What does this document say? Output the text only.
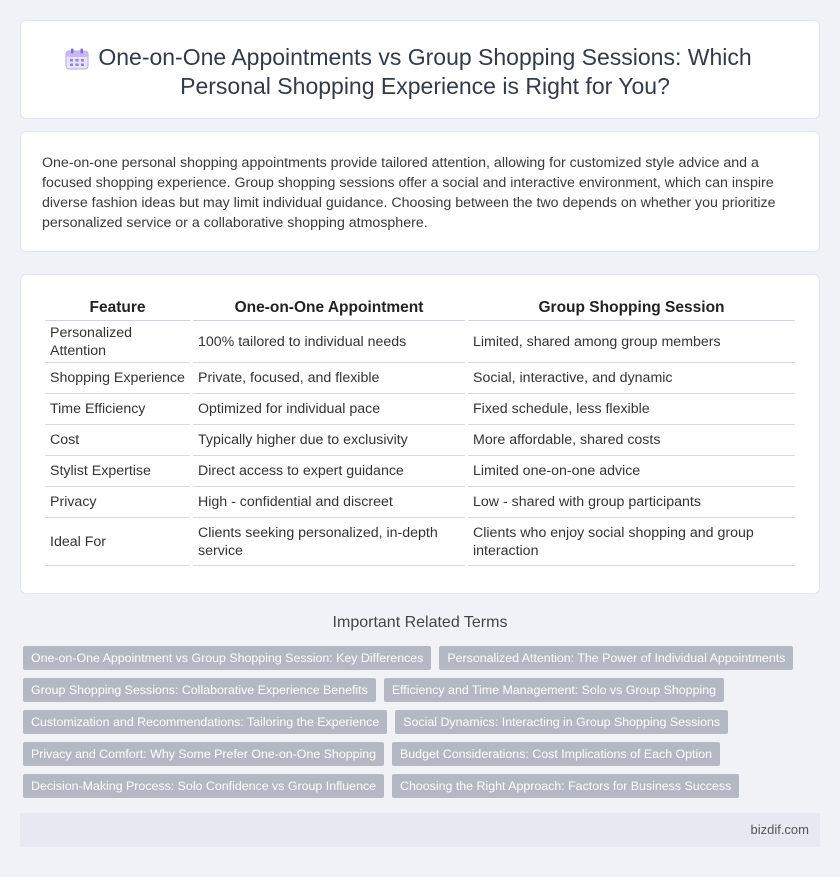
One-on-One Appointments vs Group Shopping Sessions: Which
Personal Shopping Experience is Right for You?

One-on-one personal shopping appointments provide tailored attention, allowing for customized style advice and a focused shopping experience. Group shopping sessions offer a social and interactive environment, which can inspire diverse fashion ideas but may limit individual guidance. Choosing between the two depends on whether you prioritize personalized service or a collaborative shopping atmosphere.

Feature	One-on-One Appointment	Group Shopping Session
Personalized Attention	100% tailored to individual needs	Limited, shared among group members
Shopping Experience	Private, focused, and flexible	Social, interactive, and dynamic
Time Efficiency	Optimized for individual pace	Fixed schedule, less flexible
Cost	Typically higher due to exclusivity	More affordable, shared costs
Stylist Expertise	Direct access to expert guidance	Limited one-on-one advice
Privacy	High - confidential and discreet	Low - shared with group participants
Ideal For	Clients seeking personalized, in-depth service	Clients who enjoy social shopping and group interaction
Important Related Terms
One-on-One Appointment vs Group Shopping Session: Key Differences	Personalized Attention: The Power of Individual Appointments
Group Shopping Sessions: Collaborative Experience Benefits	Efficiency and Time Management: Solo vs Group Shopping
Customization and Recommendations: Tailoring the Experience	Social Dynamics: Interacting in Group Shopping Sessions
Privacy and Comfort: Why Some Prefer One-on-One Shopping	Budget Considerations: Cost Implications of Each Option
Decision-Making Process: Solo Confidence vs Group Influence	Choosing the Right Approach: Factors for Business Success
bizdif.com
